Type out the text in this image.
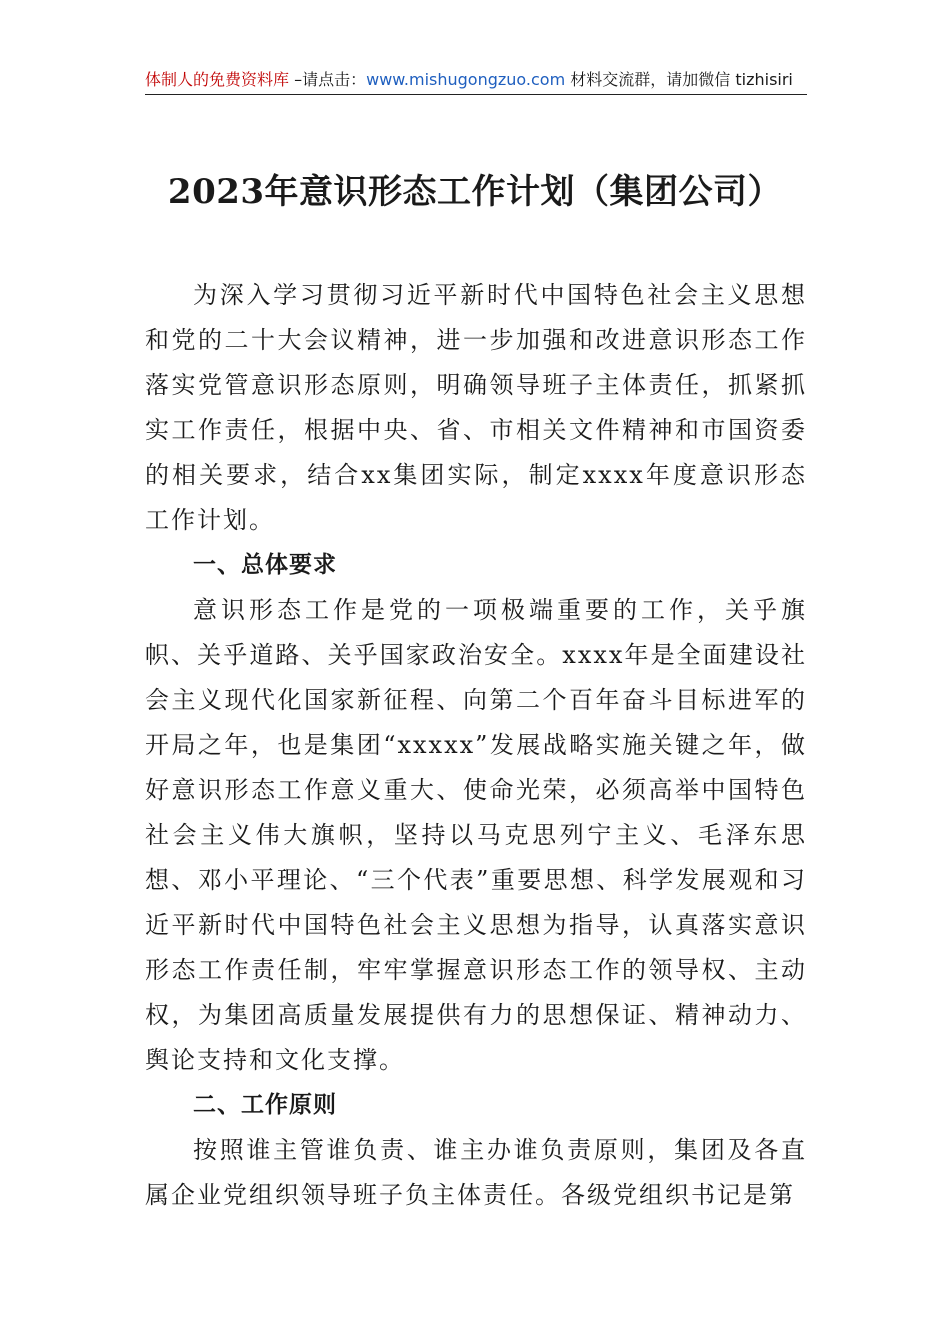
体制人的免费资料库 –请点击：www.mishugongzuo.com 材料交流群，请加微信 tizhisiri
2023年意识形态工作计划（集团公司）

为深入学习贯彻习近平新时代中国特色社会主义思想和党的二十大会议精神，进一步加强和改进意识形态工作落实党管意识形态原则，明确领导班子主体责任，抓紧抓实工作责任，根据中央、省、市相关文件精神和市国资委的相关要求，结合xx集团实际，制定xxxx年度意识形态工作计划。

一、总体要求

意识形态工作是党的一项极端重要的工作，关乎旗帜、关乎道路、关乎国家政治安全。xxxx年是全面建设社会主义现代化国家新征程、向第二个百年奋斗目标进军的开局之年，也是集团“xxxxx”发展战略实施关键之年，做好意识形态工作意义重大、使命光荣，必须高举中国特色社会主义伟大旗帜，坚持以马克思列宁主义、毛泽东思想、邓小平理论、“三个代表”重要思想、科学发展观和习近平新时代中国特色社会主义思想为指导，认真落实意识形态工作责任制，牢牢掌握意识形态工作的领导权、主动权，为集团高质量发展提供有力的思想保证、精神动力、舆论支持和文化支撑。

二、工作原则

按照谁主管谁负责、谁主办谁负责原则，集团及各直属企业党组织领导班子负主体责任。各级党组织书记是第
